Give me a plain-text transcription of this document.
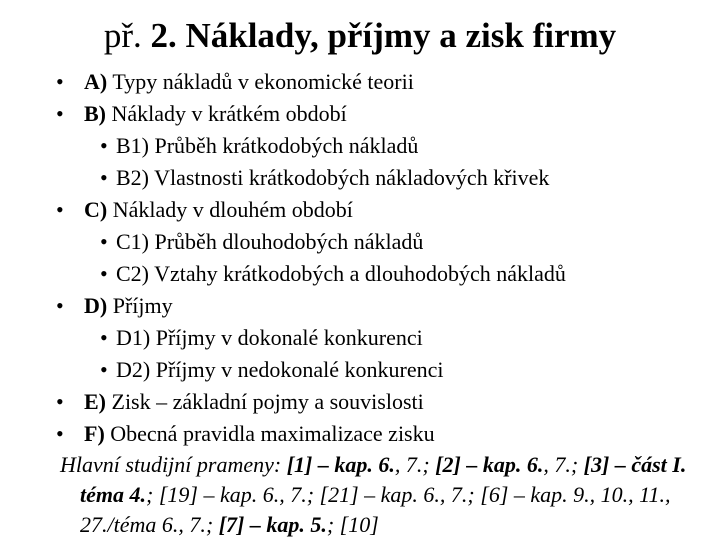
př. 2. Náklady, příjmy a zisk firmy
• A) Typy nákladů v ekonomické teorii
• B) Náklady v krátkém období
• B1) Průběh krátkodobých nákladů
• B2) Vlastnosti krátkodobých nákladových křivek
• C) Náklady v dlouhém období
• C1) Průběh dlouhodobých nákladů
• C2) Vztahy krátkodobých a dlouhodobých nákladů
• D) Příjmy
• D1) Příjmy v dokonalé konkurenci
• D2) Příjmy v nedokonalé konkurenci
• E) Zisk – základní pojmy a souvislosti
• F) Obecná pravidla maximalizace zisku
Hlavní studijní prameny: [1] – kap. 6., 7.; [2] – kap. 6., 7.; [3] – část I. téma 4.; [19] – kap. 6., 7.; [21] – kap. 6., 7.; [6] – kap. 9., 10., 11., 27./téma 6., 7.; [7] – kap. 5.; [10]
